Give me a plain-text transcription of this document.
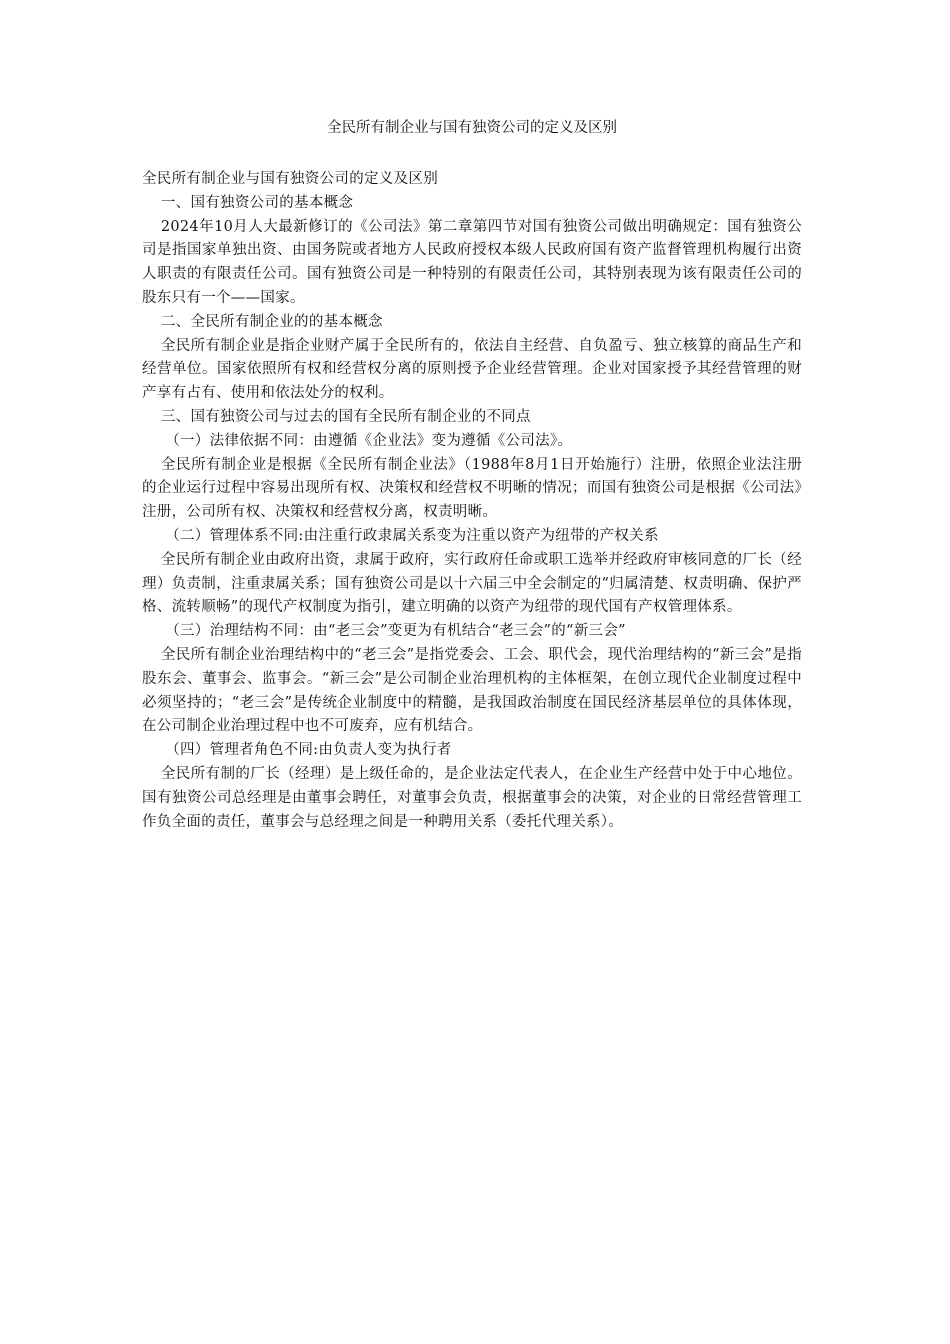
全民所有制企业与国有独资公司的定义及区别

全民所有制企业与国有独资公司的定义及区别

一、国有独资公司的基本概念

2024年10月人大最新修订的《公司法》第二章第四节对国有独资公司做出明确规定：国有独资公司是指国家单独出资、由国务院或者地方人民政府授权本级人民政府国有资产监督管理机构履行出资人职责的有限责任公司。国有独资公司是一种特别的有限责任公司，其特别表现为该有限责任公司的股东只有一个——国家。

二、全民所有制企业的的基本概念

全民所有制企业是指企业财产属于全民所有的，依法自主经营、自负盈亏、独立核算的商品生产和经营单位。国家依照所有权和经营权分离的原则授予企业经营管理。企业对国家授予其经营管理的财产享有占有、使用和依法处分的权利。

三、国有独资公司与过去的国有全民所有制企业的不同点

（一）法律依据不同：由遵循《企业法》变为遵循《公司法》。

全民所有制企业是根据《全民所有制企业法》（1988年8月1日开始施行）注册，依照企业法注册的企业运行过程中容易出现所有权、决策权和经营权不明晰的情况；而国有独资公司是根据《公司法》注册，公司所有权、决策权和经营权分离，权责明晰。

（二）管理体系不同:由注重行政隶属关系变为注重以资产为纽带的产权关系

全民所有制企业由政府出资，隶属于政府，实行政府任命或职工选举并经政府审核同意的厂长（经理）负责制，注重隶属关系；国有独资公司是以十六届三中全会制定的“归属清楚、权责明确、保护严格、流转顺畅”的现代产权制度为指引，建立明确的以资产为纽带的现代国有产权管理体系。

（三）治理结构不同：由“老三会”变更为有机结合“老三会”的“新三会”

全民所有制企业治理结构中的“老三会”是指党委会、工会、职代会，现代治理结构的“新三会”是指股东会、董事会、监事会。“新三会”是公司制企业治理机构的主体框架，在创立现代企业制度过程中必须坚持的；“老三会”是传统企业制度中的精髓，是我国政治制度在国民经济基层单位的具体体现，在公司制企业治理过程中也不可废弃，应有机结合。

（四）管理者角色不同:由负责人变为执行者

全民所有制的厂长（经理）是上级任命的，是企业法定代表人，在企业生产经营中处于中心地位。国有独资公司总经理是由董事会聘任，对董事会负责，根据董事会的决策，对企业的日常经营管理工作负全面的责任，董事会与总经理之间是一种聘用关系（委托代理关系）。
